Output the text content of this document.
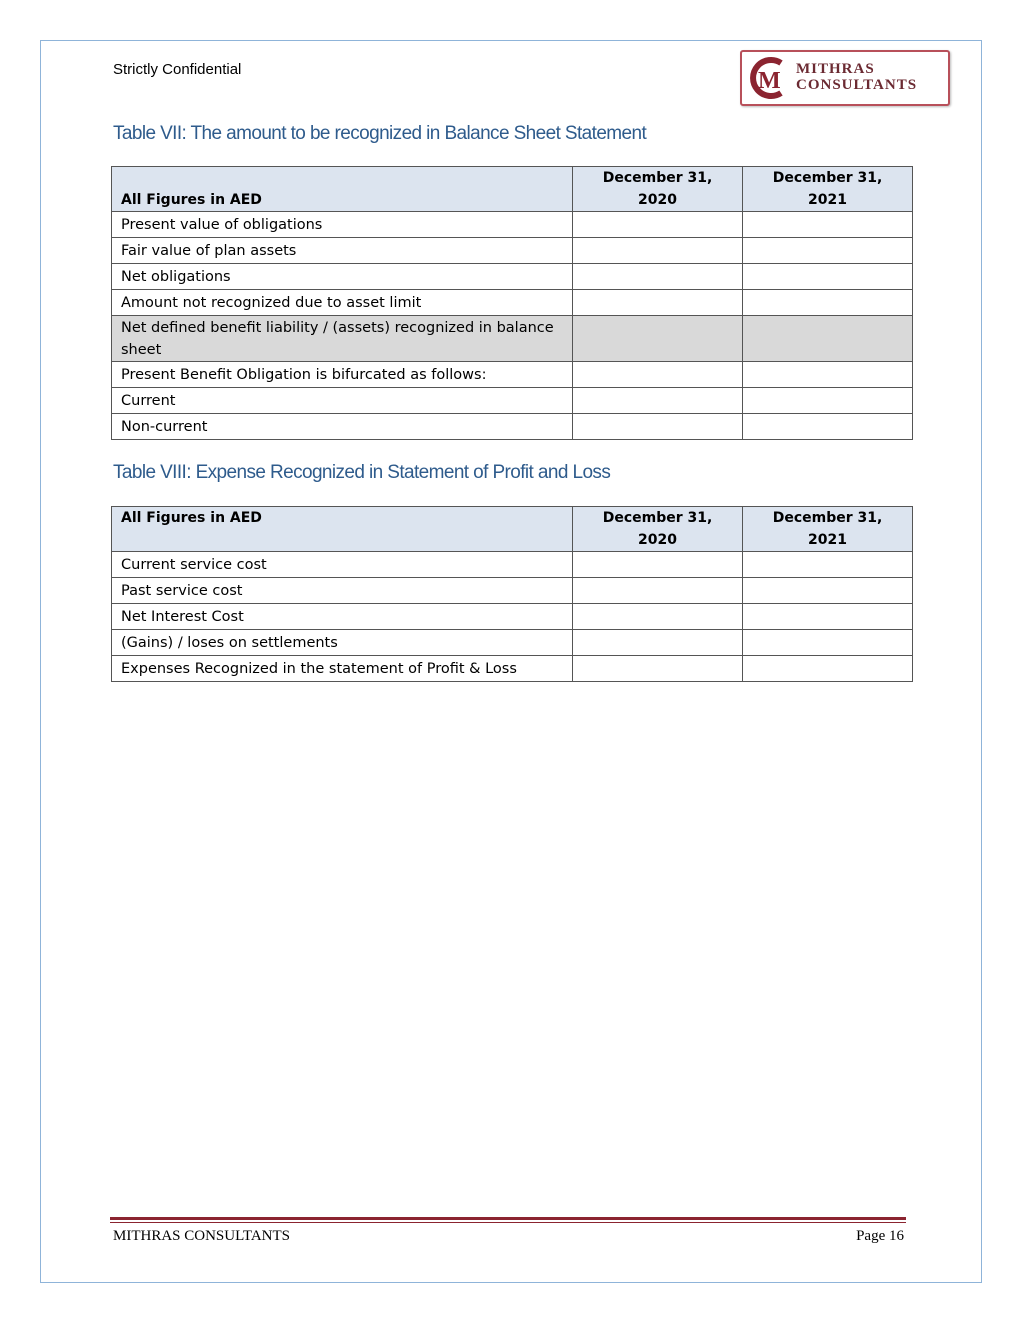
Strictly Confidential	M MITHRAS
CONSULTANTS
Table VII: The amount to be recognized in Balance Sheet Statement
All Figures in AED	December 31, 2020	December 31, 2021
Present value of obligations		
Fair value of plan assets		
Net obligations		
Amount not recognized due to asset limit		
Net defined benefit liability / (assets) recognized in balance sheet		
Present Benefit Obligation is bifurcated as follows:		
Current		
Non-current		
Table VIII: Expense Recognized in Statement of Profit and Loss
All Figures in AED	December 31, 2020	December 31, 2021
Current service cost		
Past service cost		
Net Interest Cost		
(Gains) / loses on settlements		
Expenses Recognized in the statement of Profit & Loss		
MITHRAS CONSULTANTS	Page 16
